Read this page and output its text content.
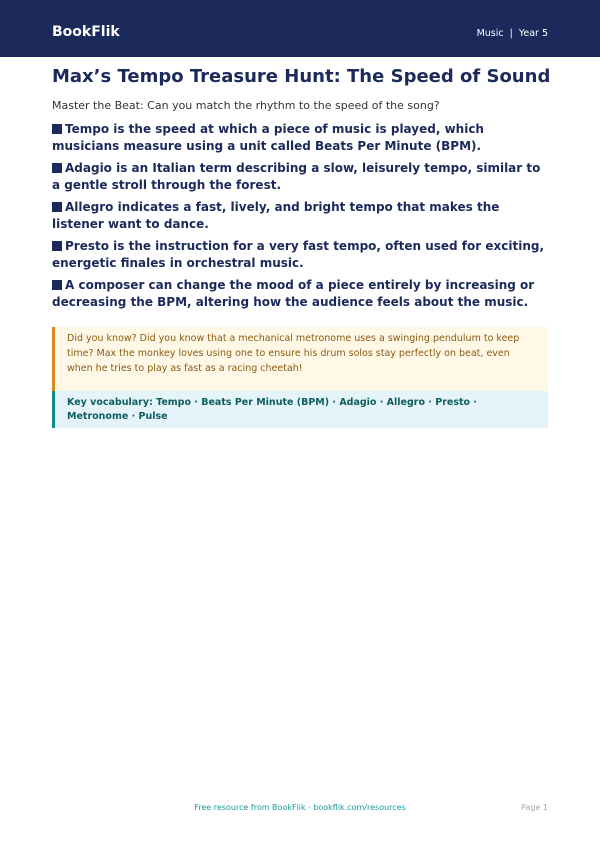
BookFlik	Music | Year 5
Max’s Tempo Treasure Hunt: The Speed of Sound
Master the Beat: Can you match the rhythm to the speed of the song?
Tempo is the speed at which a piece of music is played, which musicians measure using a unit called Beats Per Minute (BPM).
Adagio is an Italian term describing a slow, leisurely tempo, similar to a gentle stroll through the forest.
Allegro indicates a fast, lively, and bright tempo that makes the listener want to dance.
Presto is the instruction for a very fast tempo, often used for exciting, energetic finales in orchestral music.
A composer can change the mood of a piece entirely by increasing or decreasing the BPM, altering how the audience feels about the music.
Did you know? Did you know that a mechanical metronome uses a swinging pendulum to keep time? Max the monkey loves using one to ensure his drum solos stay perfectly on beat, even when he tries to play as fast as a racing cheetah!
Key vocabulary: Tempo · Beats Per Minute (BPM) · Adagio · Allegro · Presto · Metronome · Pulse
Free resource from BookFlik · bookflik.com/resources	Page 1
